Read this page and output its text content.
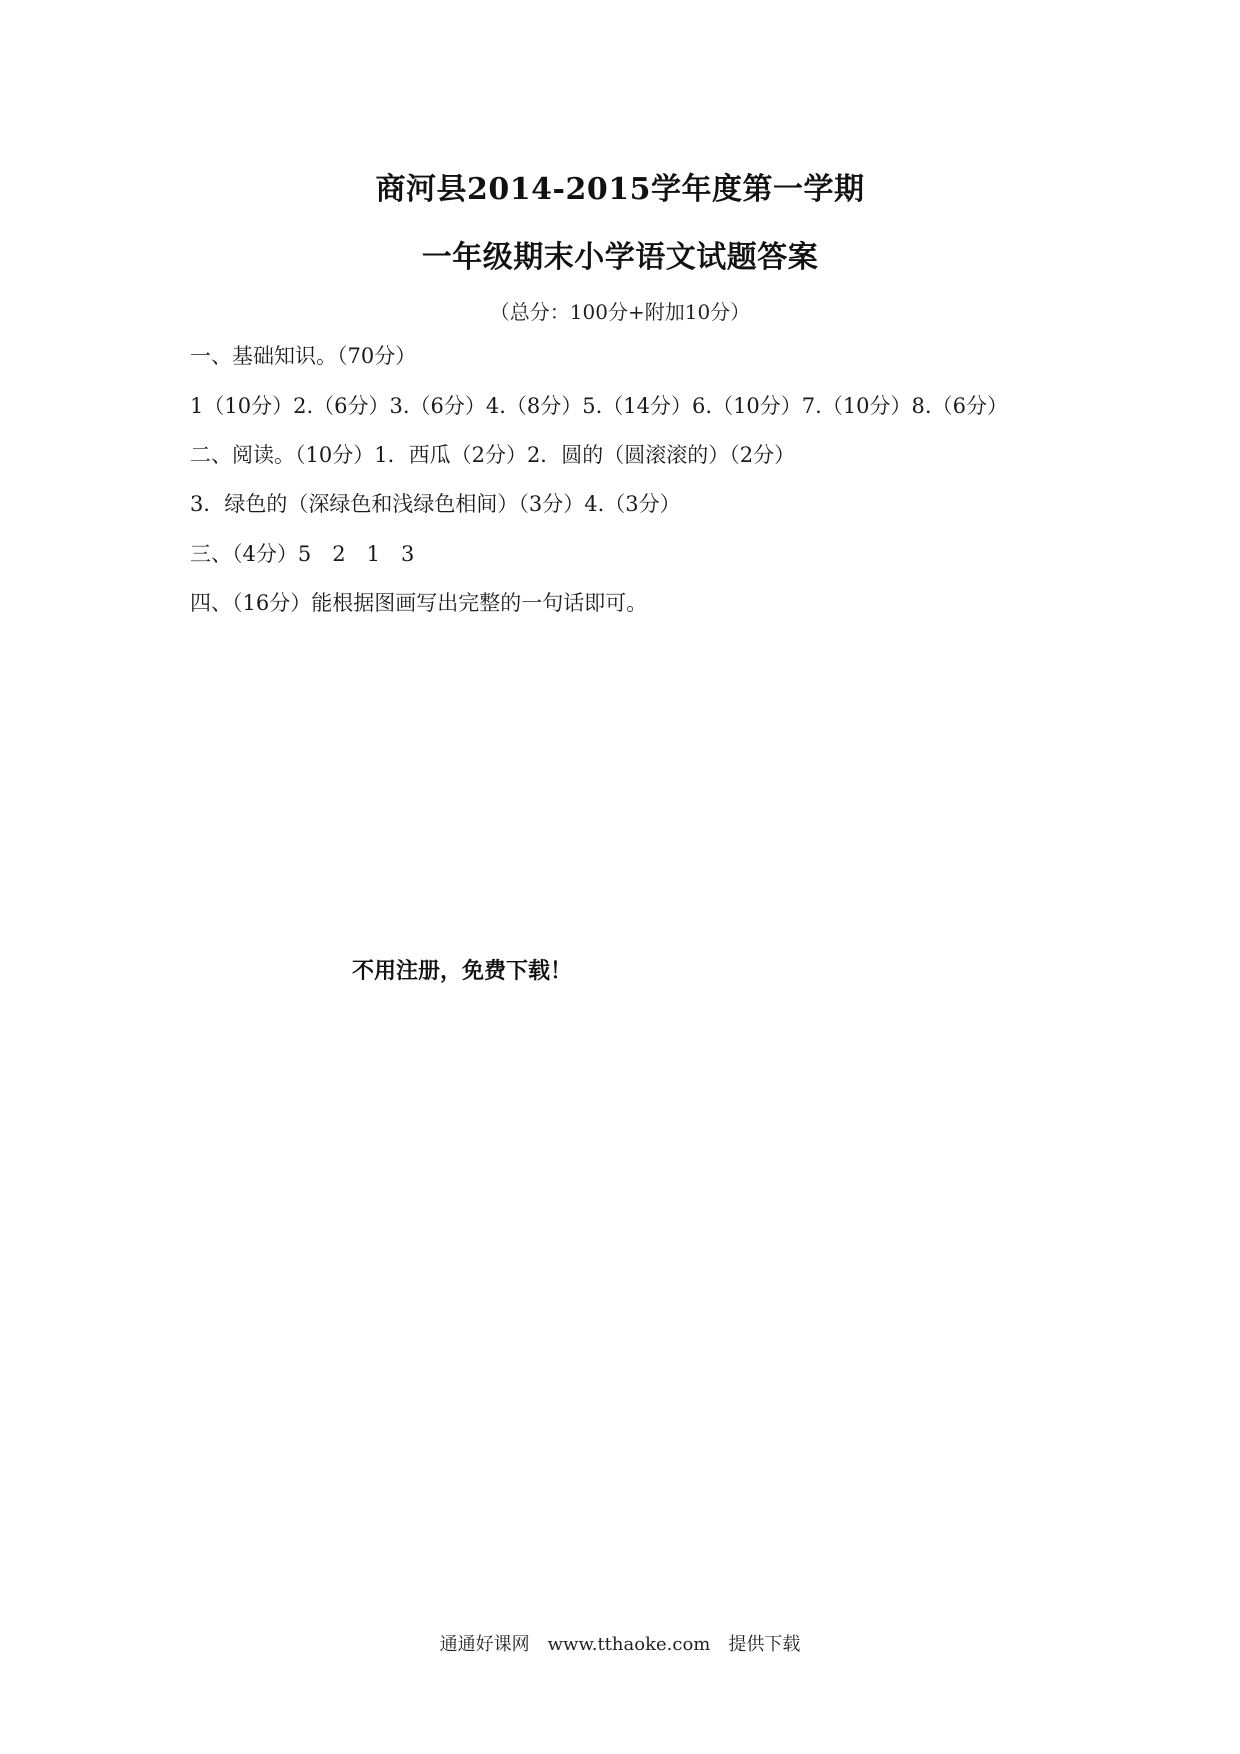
商河县2014-2015学年度第一学期
一年级期末小学语文试题答案
（总分：100分+附加10分）
一、基础知识。（70分）
1（10分）2.（6分）3.（6分）4.（8分）5.（14分）6.（10分）7.（10分）8.（6分）
二、阅读。（10分）1．西瓜（2分）2．圆的（圆滚滚的）（2分）
3．绿色的（深绿色和浅绿色相间）（3分）4.（3分）
三、（4分）5　2　1　3
四、（16分）能根据图画写出完整的一句话即可。
不用注册，免费下载！
通通好课网　www.tthaoke.com　提供下载
